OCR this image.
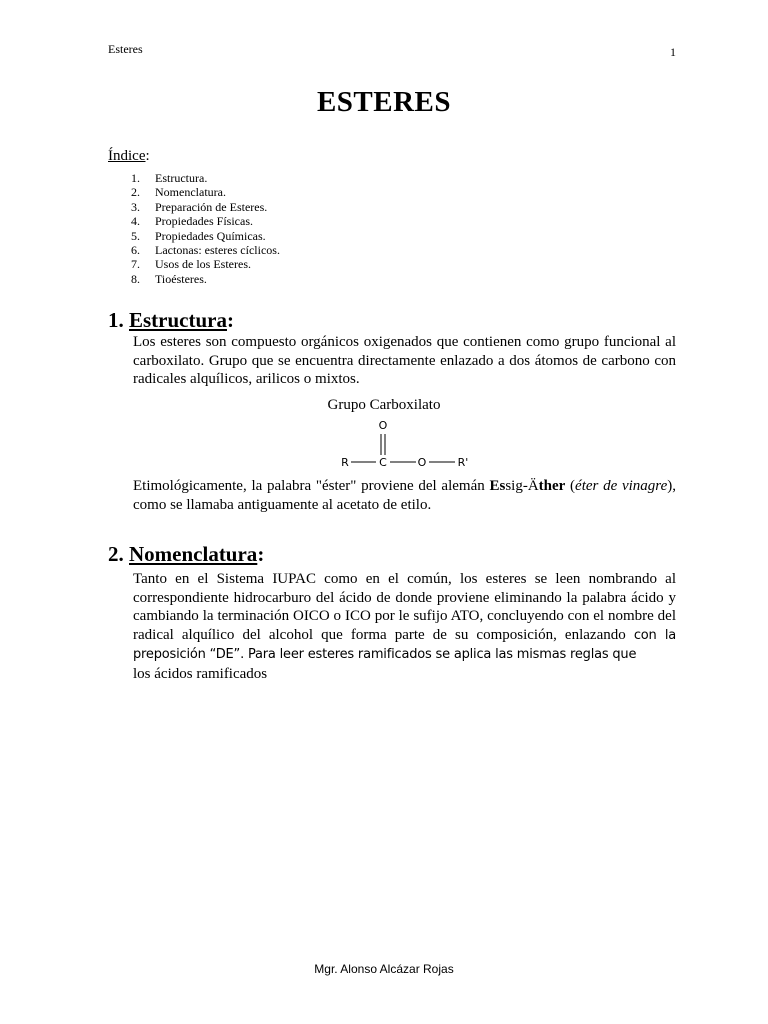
Esteres	1
ESTERES
Índice:
1.	Estructura.
2.	Nomenclatura.
3.	Preparación de Esteres.
4.	Propiedades Físicas.
5.	Propiedades Químicas.
6.	Lactonas: esteres cíclicos.
7.	Usos de los Esteres.
8.	Tioésteres.
1. Estructura:

Los esteres son compuesto orgánicos oxigenados que contienen como grupo funcional al carboxilato. Grupo que se encuentra directamente enlazado a dos átomos de carbono con radicales alquílicos, arilicos o mixtos.

Grupo Carboxilato
O
R	C	O	R'

Etimológicamente, la palabra "éster" proviene del alemán Essig-Äther (éter de vinagre), como se llamaba antiguamente al acetato de etilo.

2. Nomenclatura:

Tanto en el Sistema IUPAC como en el común, los esteres se leen nombrando al correspondiente hidrocarburo del ácido de donde proviene eliminando la palabra ácido y cambiando la terminación OICO o ICO por le sufijo ATO, concluyendo con el nombre del radical alquílico del alcohol que forma parte de su composición, enlazando con la preposición “DE”. Para leer esteres ramificados se aplica las mismas reglas que
los ácidos ramificados

Mgr. Alonso Alcázar Rojas
